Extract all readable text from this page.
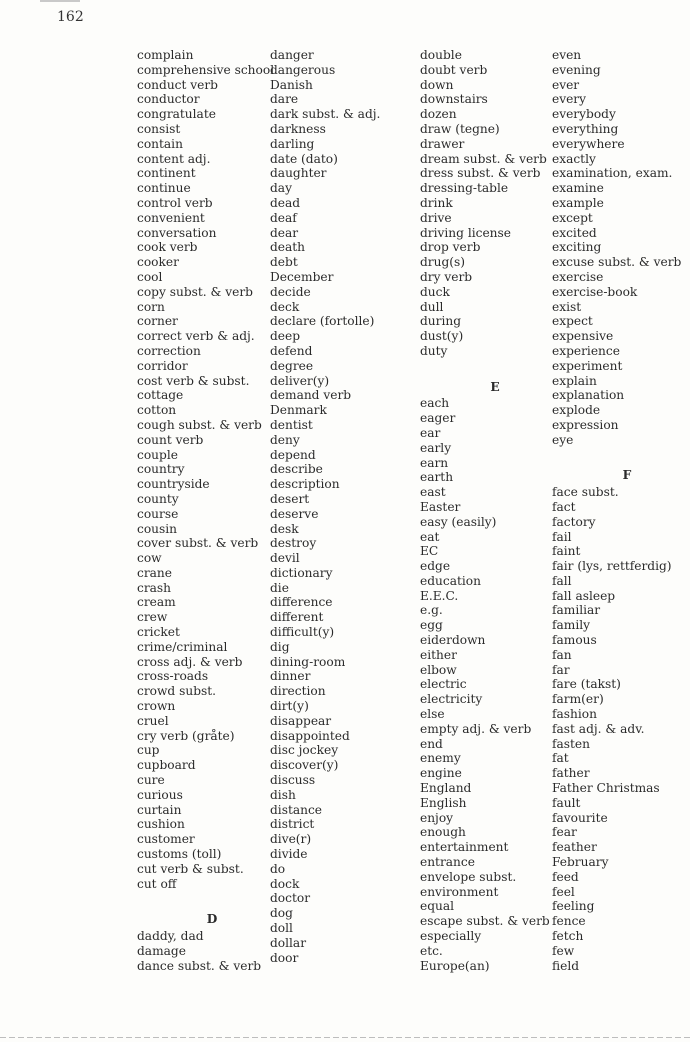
162
complain
comprehensive school
conduct verb
conductor
congratulate
consist
contain
content adj.
continent
continue
control verb
convenient
conversation
cook verb
cooker
cool
copy subst. & verb
corn
corner
correct verb & adj.
correction
corridor
cost verb & subst.
cottage
cotton
cough subst. & verb
count verb
couple
country
countryside
county
course
cousin
cover subst. & verb
cow
crane
crash
cream
crew
cricket
crime/criminal
cross adj. & verb
cross-roads
crowd subst.
crown
cruel
cry verb (gråte)
cup
cupboard
cure
curious
curtain
cushion
customer
customs (toll)
cut verb & subst.
cut off
D
daddy, dad
damage
dance subst. & verb
danger
dangerous
Danish
dare
dark subst. & adj.
darkness
darling
date (dato)
daughter
day
dead
deaf
dear
death
debt
December
decide
deck
declare (fortolle)
deep
defend
degree
deliver(y)
demand verb
Denmark
dentist
deny
depend
describe
description
desert
deserve
desk
destroy
devil
dictionary
die
difference
different
difficult(y)
dig
dining-room
dinner
direction
dirt(y)
disappear
disappointed
disc jockey
discover(y)
discuss
dish
distance
district
dive(r)
divide
do
dock
doctor
dog
doll
dollar
door
double
doubt verb
down
downstairs
dozen
draw (tegne)
drawer
dream subst. & verb
dress subst. & verb
dressing-table
drink
drive
driving license
drop verb
drug(s)
dry verb
duck
dull
during
dust(y)
duty
E
each
eager
ear
early
earn
earth
east
Easter
easy (easily)
eat
EC
edge
education
E.E.C.
e.g.
egg
eiderdown
either
elbow
electric
electricity
else
empty adj. & verb
end
enemy
engine
England
English
enjoy
enough
entertainment
entrance
envelope subst.
environment
equal
escape subst. & verb
especially
etc.
Europe(an)
even
evening
ever
every
everybody
everything
everywhere
exactly
examination, exam.
examine
example
except
excited
exciting
excuse subst. & verb
exercise
exercise-book
exist
expect
expensive
experience
experiment
explain
explanation
explode
expression
eye
F
face subst.
fact
factory
fail
faint
fair (lys, rettferdig)
fall
fall asleep
familiar
family
famous
fan
far
fare (takst)
farm(er)
fashion
fast adj. & adv.
fasten
fat
father
Father Christmas
fault
favourite
fear
feather
February
feed
feel
feeling
fence
fetch
few
field
